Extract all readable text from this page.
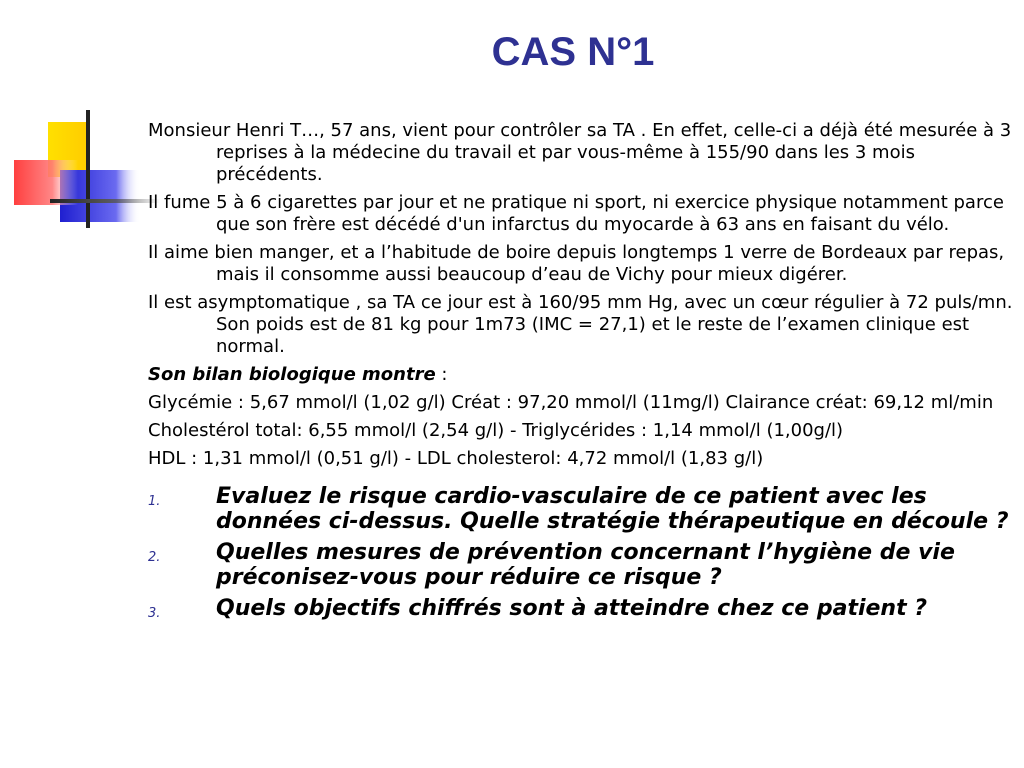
CAS N°1

Monsieur Henri T…, 57 ans, vient pour contrôler sa TA . En effet, celle-ci a déjà été mesurée à 3 reprises à la médecine du travail et par vous-même à 155/90 dans les 3 mois précédents.

Il fume 5 à 6 cigarettes par jour et ne pratique ni sport, ni exercice physique notamment parce que son frère est décédé d'un infarctus du myocarde à 63 ans en faisant du vélo.

Il aime bien manger, et a l’habitude de boire depuis longtemps 1 verre de Bordeaux par repas, mais il consomme aussi beaucoup d’eau de Vichy pour mieux digérer.

Il est asymptomatique , sa TA ce jour est à 160/95 mm Hg, avec un cœur régulier à 72 puls/mn. Son poids est de 81 kg pour 1m73 (IMC = 27,1) et le reste de l’examen clinique est normal.

Son bilan biologique montre :

Glycémie : 5,67 mmol/l (1,02 g/l) Créat : 97,20 mmol/l (11mg/l) Clairance créat: 69,12 ml/min

Cholestérol total: 6,55 mmol/l (2,54 g/l) - Triglycérides : 1,14 mmol/l (1,00g/l)

HDL : 1,31 mmol/l (0,51 g/l) - LDL cholesterol: 4,72 mmol/l (1,83 g/l)

1.	Evaluez le risque cardio-vasculaire de ce patient avec les données ci-dessus. Quelle stratégie thérapeutique en découle ?
2.	Quelles mesures de prévention concernant l’hygiène de vie préconisez-vous pour réduire ce risque ?
3.	Quels objectifs chiffrés sont à atteindre chez ce patient ?
